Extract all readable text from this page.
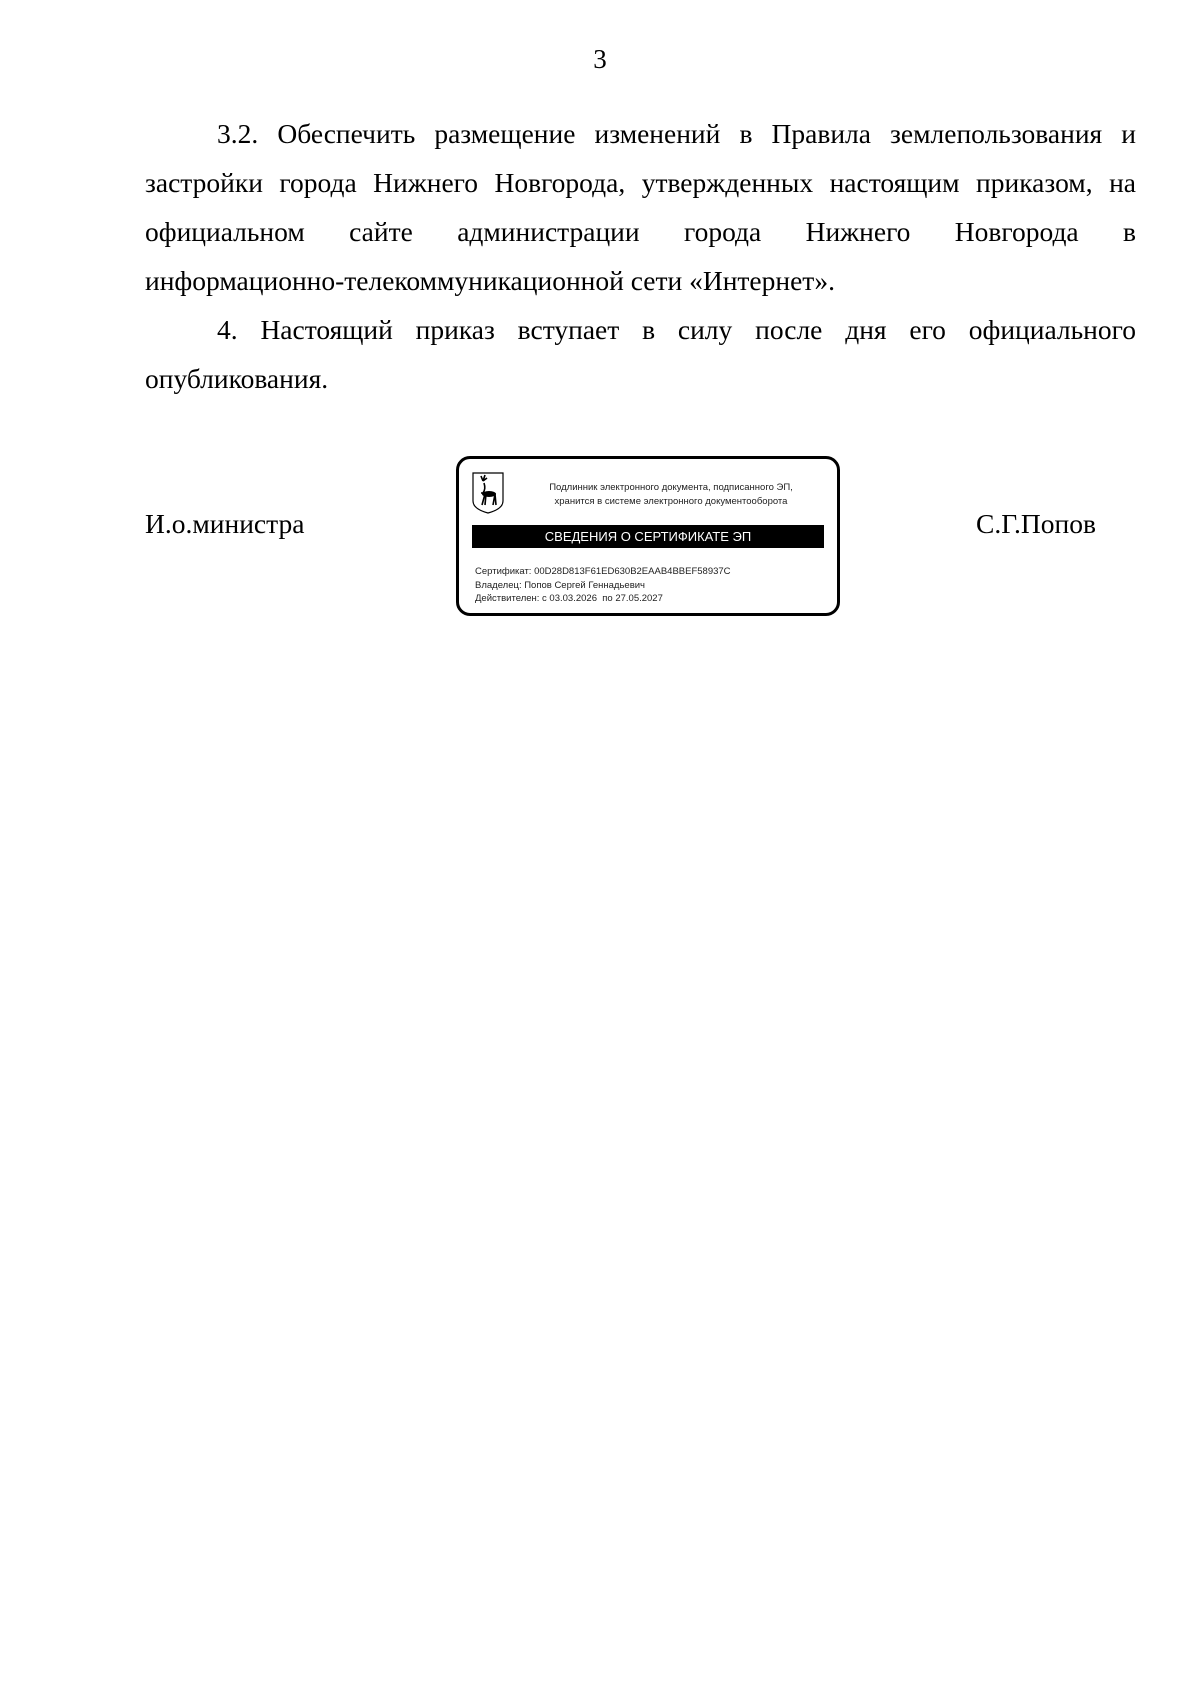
3
3.2. Обеспечить размещение изменений в Правила землепользования и
застройки города Нижнего Новгорода, утвержденных настоящим приказом, на
официальном сайте администрации города Нижнего Новгорода в
информационно-телекоммуникационной сети «Интернет».
4. Настоящий приказ вступает в силу после дня его официального
опубликования.
И.о.министра	С.Г.Попов
Подлинник электронного документа, подписанного ЭП,
хранится в системе электронного документооборота
СВЕДЕНИЯ О СЕРТИФИКАТЕ ЭП
Сертификат: 00D28D813F61ED630B2EAAB4BBEF58937C
Владелец: Попов Сергей Геннадьевич
Действителен: с 03.03.2026  по 27.05.2027
